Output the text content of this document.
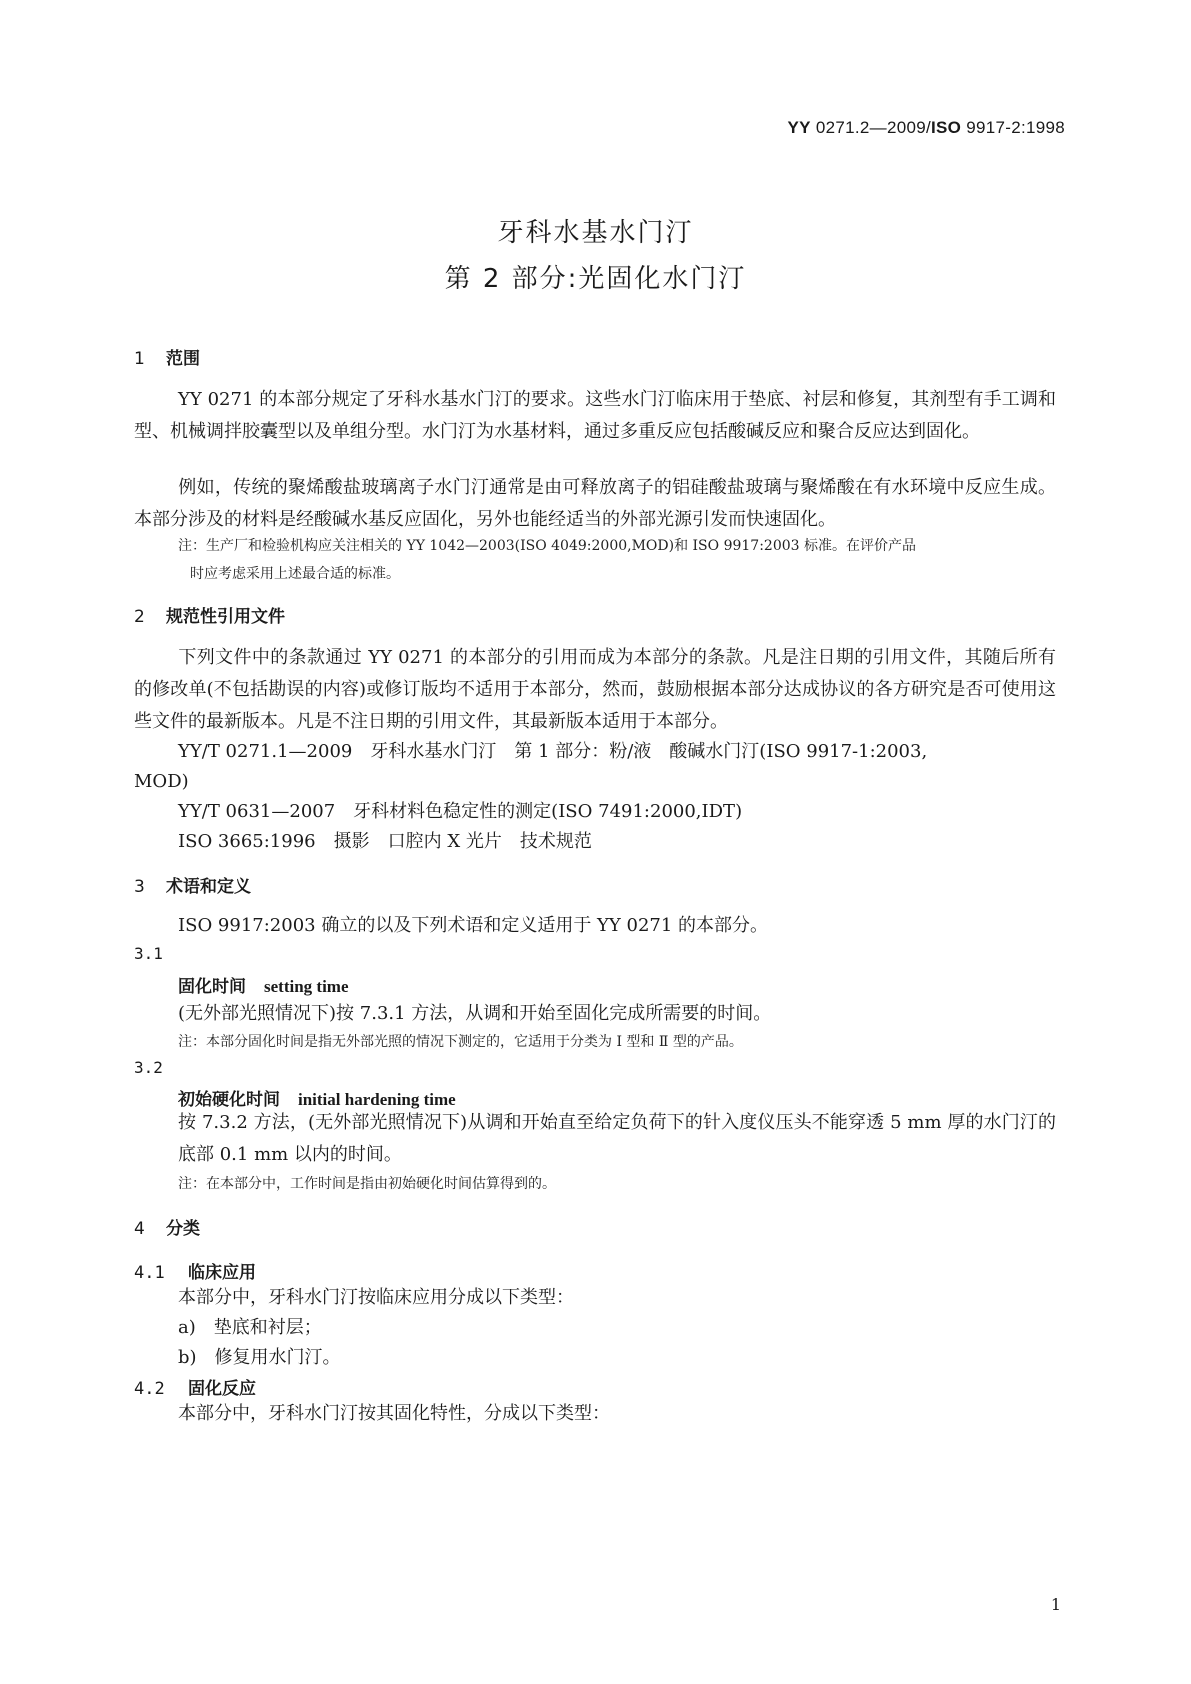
YY 0271.2—2009/ISO 9917-2:1998
牙科水基水门汀
第 2 部分:光固化水门汀
1 范围
YY 0271 的本部分规定了牙科水基水门汀的要求。这些水门汀临床用于垫底、衬层和修复，其剂型有手工调和型、机械调拌胶囊型以及单组分型。水门汀为水基材料，通过多重反应包括酸碱反应和聚合反应达到固化。
例如，传统的聚烯酸盐玻璃离子水门汀通常是由可释放离子的铝硅酸盐玻璃与聚烯酸在有水环境中反应生成。本部分涉及的材料是经酸碱水基反应固化，另外也能经适当的外部光源引发而快速固化。
注：生产厂和检验机构应关注相关的 YY 1042—2003(ISO 4049:2000,MOD)和 ISO 9917:2003 标准。在评价产品
时应考虑采用上述最合适的标准。
2 规范性引用文件
下列文件中的条款通过 YY 0271 的本部分的引用而成为本部分的条款。凡是注日期的引用文件，其随后所有的修改单(不包括勘误的内容)或修订版均不适用于本部分，然而，鼓励根据本部分达成协议的各方研究是否可使用这些文件的最新版本。凡是不注日期的引用文件，其最新版本适用于本部分。
YY/T 0271.1—2009　牙科水基水门汀　第 1 部分：粉/液　酸碱水门汀(ISO 9917-1:2003,
MOD)
YY/T 0631—2007　牙科材料色稳定性的测定(ISO 7491:2000,IDT)
ISO 3665:1996　摄影　口腔内 X 光片　技术规范
3 术语和定义
ISO 9917:2003 确立的以及下列术语和定义适用于 YY 0271 的本部分。
3.1
固化时间 setting time
(无外部光照情况下)按 7.3.1 方法，从调和开始至固化完成所需要的时间。
注：本部分固化时间是指无外部光照的情况下测定的，它适用于分类为 Ⅰ 型和 Ⅱ 型的产品。
3.2
初始硬化时间 initial hardening time
按 7.3.2 方法，(无外部光照情况下)从调和开始直至给定负荷下的针入度仪压头不能穿透 5 mm 厚的水门汀的底部 0.1 mm 以内的时间。
注：在本部分中，工作时间是指由初始硬化时间估算得到的。
4 分类
4.1 临床应用
本部分中，牙科水门汀按临床应用分成以下类型：
a)　垫底和衬层；
b)　修复用水门汀。
4.2 固化反应
本部分中，牙科水门汀按其固化特性，分成以下类型：
1
